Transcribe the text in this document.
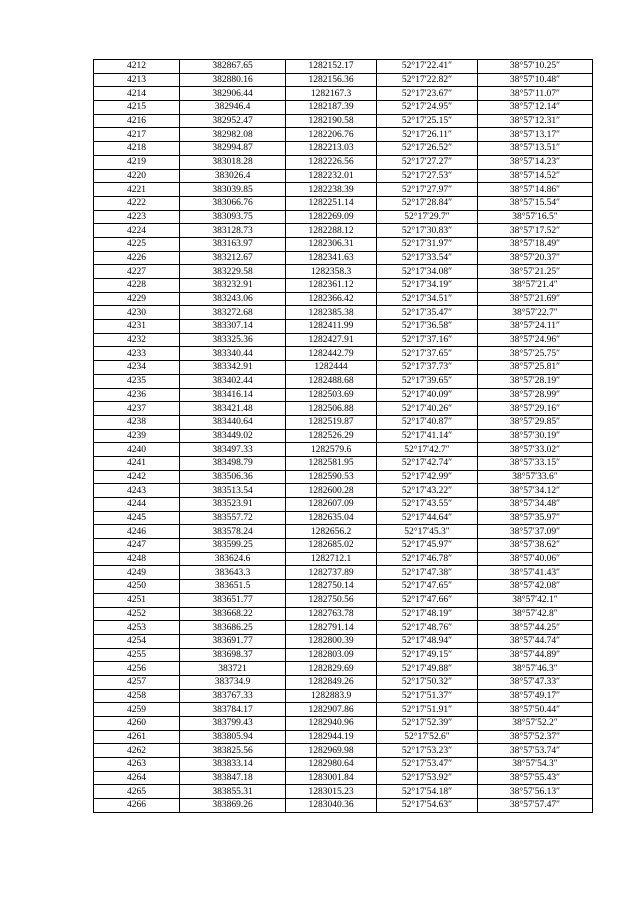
4212	382867.65	1282152.17	52°17′22.41″	38°57′10.25″
4213	382880.16	1282156.36	52°17′22.82″	38°57′10.48″
4214	382906.44	1282167.3	52°17′23.67″	38°57′11.07″
4215	382946.4	1282187.39	52°17′24.95″	38°57′12.14″
4216	382952.47	1282190.58	52°17′25.15″	38°57′12.31″
4217	382982.08	1282206.76	52°17′26.11″	38°57′13.17″
4218	382994.87	1282213.03	52°17′26.52″	38°57′13.51″
4219	383018.28	1282226.56	52°17′27.27″	38°57′14.23″
4220	383026.4	1282232.01	52°17′27.53″	38°57′14.52″
4221	383039.85	1282238.39	52°17′27.97″	38°57′14.86″
4222	383066.76	1282251.14	52°17′28.84″	38°57′15.54″
4223	383093.75	1282269.09	52°17′29.7″	38°57′16.5″
4224	383128.73	1282288.12	52°17′30.83″	38°57′17.52″
4225	383163.97	1282306.31	52°17′31.97″	38°57′18.49″
4226	383212.67	1282341.63	52°17′33.54″	38°57′20.37″
4227	383229.58	1282358.3	52°17′34.08″	38°57′21.25″
4228	383232.91	1282361.12	52°17′34.19″	38°57′21.4″
4229	383243.06	1282366.42	52°17′34.51″	38°57′21.69″
4230	383272.68	1282385.38	52°17′35.47″	38°57′22.7″
4231	383307.14	1282411.99	52°17′36.58″	38°57′24.11″
4232	383325.36	1282427.91	52°17′37.16″	38°57′24.96″
4233	383340.44	1282442.79	52°17′37.65″	38°57′25.75″
4234	383342.91	1282444	52°17′37.73″	38°57′25.81″
4235	383402.44	1282488.68	52°17′39.65″	38°57′28.19″
4236	383416.14	1282503.69	52°17′40.09″	38°57′28.99″
4237	383421.48	1282506.88	52°17′40.26″	38°57′29.16″
4238	383440.64	1282519.87	52°17′40.87″	38°57′29.85″
4239	383449.02	1282526.29	52°17′41.14″	38°57′30.19″
4240	383497.33	1282579.6	52°17′42.7″	38°57′33.02″
4241	383498.79	1282581.95	52°17′42.74″	38°57′33.15″
4242	383506.36	1282590.53	52°17′42.99″	38°57′33.6″
4243	383513.54	1282600.28	52°17′43.22″	38°57′34.12″
4244	383523.91	1282607.09	52°17′43.55″	38°57′34.48″
4245	383557.72	1282635.04	52°17′44.64″	38°57′35.97″
4246	383578.24	1282656.2	52°17′45.3″	38°57′37.09″
4247	383599.25	1282685.02	52°17′45.97″	38°57′38.62″
4248	383624.6	1282712.1	52°17′46.78″	38°57′40.06″
4249	383643.3	1282737.89	52°17′47.38″	38°57′41.43″
4250	383651.5	1282750.14	52°17′47.65″	38°57′42.08″
4251	383651.77	1282750.56	52°17′47.66″	38°57′42.1″
4252	383668.22	1282763.78	52°17′48.19″	38°57′42.8″
4253	383686.25	1282791.14	52°17′48.76″	38°57′44.25″
4254	383691.77	1282800.39	52°17′48.94″	38°57′44.74″
4255	383698.37	1282803.09	52°17′49.15″	38°57′44.89″
4256	383721	1282829.69	52°17′49.88″	38°57′46.3″
4257	383734.9	1282849.26	52°17′50.32″	38°57′47.33″
4258	383767.33	1282883.9	52°17′51.37″	38°57′49.17″
4259	383784.17	1282907.86	52°17′51.91″	38°57′50.44″
4260	383799.43	1282940.96	52°17′52.39″	38°57′52.2″
4261	383805.94	1282944.19	52°17′52.6″	38°57′52.37″
4262	383825.56	1282969.98	52°17′53.23″	38°57′53.74″
4263	383833.14	1282980.64	52°17′53.47″	38°57′54.3″
4264	383847.18	1283001.84	52°17′53.92″	38°57′55.43″
4265	383855.31	1283015.23	52°17′54.18″	38°57′56.13″
4266	383869.26	1283040.36	52°17′54.63″	38°57′57.47″
